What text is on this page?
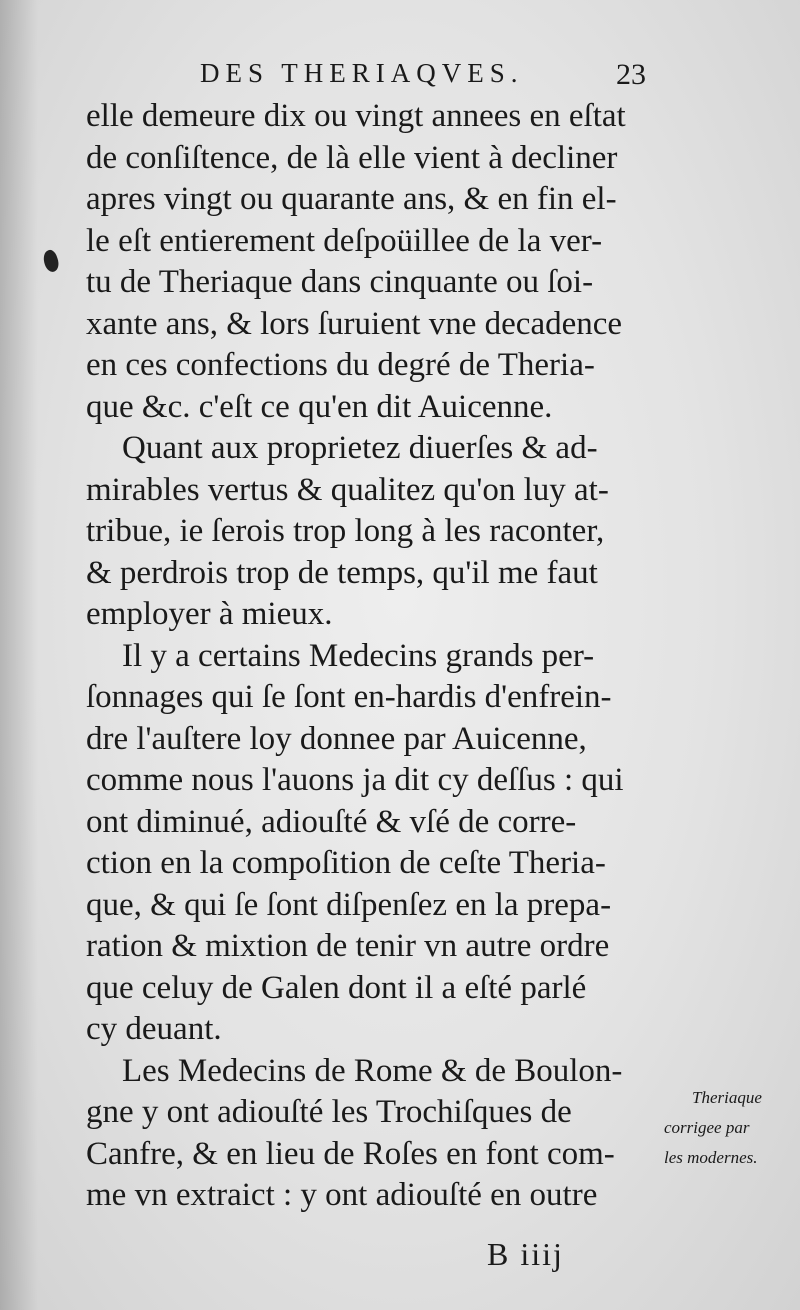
DES THERIAQVES.	23
elle demeure dix ou vingt annees en eſtat
de conſiſtence, de là elle vient à decliner
apres vingt ou quarante ans, & en fin el-
le eſt entierement deſpoüillee de la ver-
tu de Theriaque dans cinquante ou ſoi-
xante ans, & lors ſuruient vne decadence
en ces confections du degré de Theria-
que &c. c'eſt ce qu'en dit Auicenne.
Quant aux proprietez diuerſes & ad-
mirables vertus & qualitez qu'on luy at-
tribue, ie ſerois trop long à les raconter,
& perdrois trop de temps, qu'il me faut
employer à mieux.
Il y a certains Medecins grands per-
ſonnages qui ſe ſont en-hardis d'enfrein-
dre l'auſtere loy donnee par Auicenne,
comme nous l'auons ja dit cy deſſus : qui
ont diminué, adiouſté & vſé de corre-
ction en la compoſition de ceſte Theria-
que, & qui ſe ſont diſpenſez en la prepa-
ration & mixtion de tenir vn autre ordre
que celuy de Galen dont il a eſté parlé
cy deuant.
Les Medecins de Rome & de Boulon-
gne y ont adiouſté les Trochiſques de
Canfre, & en lieu de Roſes en font com-
me vn extraict : y ont adiouſté en outre
Theriaque
corrigee par
les modernes.
B iiij
